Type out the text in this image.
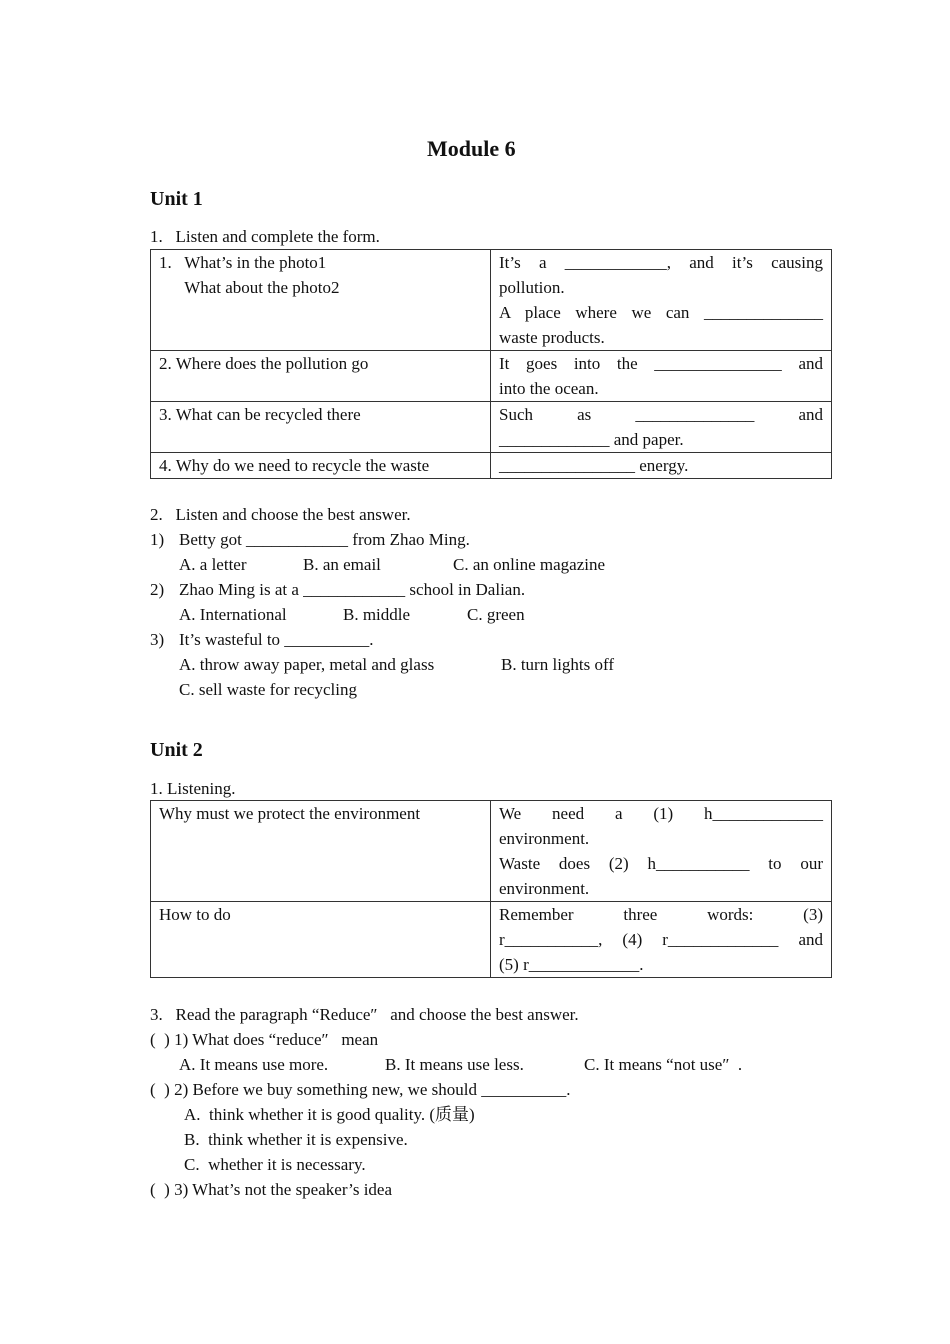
Module 6
Unit 1
1.   Listen and complete the form.
1.   What’s in the photo1
What about the photo2	It’s a ____________, and it’s causing
pollution.
A place where we can ______________
waste products.

2. Where does the pollution go	It goes into the _______________ and
into the ocean.

3. What can be recycled there	Such as ______________ and
_____________ and paper.

4. Why do we need to recycle the waste	________________ energy.
2.   Listen and choose the best answer.
1) Betty got ____________ from Zhao Ming.
A. a letter	B. an email	C. an online magazine
2) Zhao Ming is at a ____________ school in Dalian.
A. International	B. middle	C. green
3) It’s wasteful to __________.
A. throw away paper, metal and glass	B. turn lights off
C. sell waste for recycling
Unit 2
1. Listening.
Why must we protect the environment	We need a (1) h_____________
environment.
Waste does (2) h___________ to our
environment.

How to do	Remember three words: (3)
r___________, (4) r_____________ and
(5) r_____________.
3.   Read the paragraph “Reduce″   and choose the best answer.
(  ) 1) What does “reduce″   mean
A. It means use more.	B. It means use less.	C. It means “not use″  .
(  ) 2) Before we buy something new, we should __________.
A.  think whether it is good quality. (质量)
B.  think whether it is expensive.
C.  whether it is necessary.
(  ) 3) What’s not the speaker’s idea
